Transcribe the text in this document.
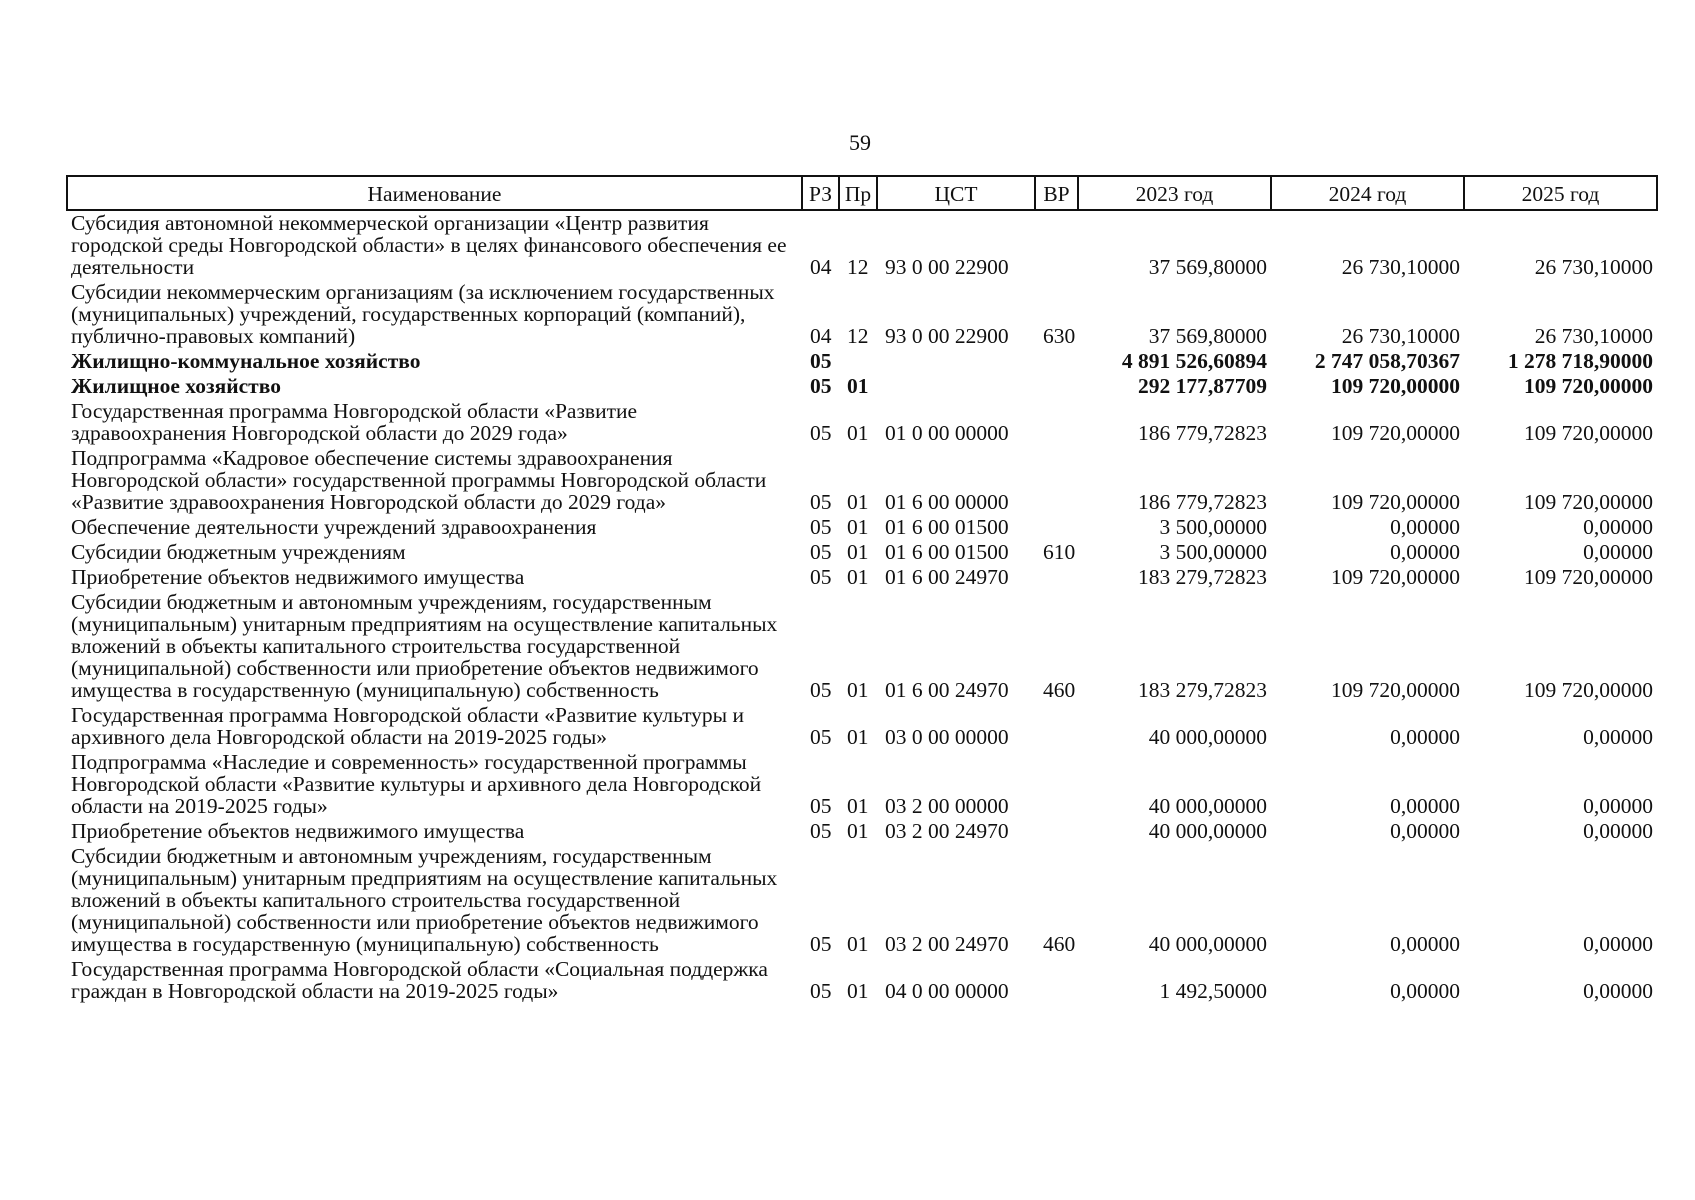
59
Наименование	РЗ	Пр	ЦСТ	ВР	2023 год	2024 год	2025 год
Субсидия автономной некоммерческой организации «Центр развития городской среды Новгородской области» в целях финансового обеспечения ее деятельности	04	12	93 0 00 22900		37 569,80000	26 730,10000	26 730,10000
Субсидии некоммерческим организациям (за исключением государственных (муниципальных) учреждений, государственных корпораций (компаний), публично-правовых компаний)	04	12	93 0 00 22900	630	37 569,80000	26 730,10000	26 730,10000
Жилищно-коммунальное хозяйство	05				4 891 526,60894	2 747 058,70367	1 278 718,90000
Жилищное хозяйство	05	01			292 177,87709	109 720,00000	109 720,00000
Государственная программа Новгородской области «Развитие здравоохранения Новгородской области до 2029 года»	05	01	01 0 00 00000		186 779,72823	109 720,00000	109 720,00000
Подпрограмма «Кадровое обеспечение системы здравоохранения Новгородской области» государственной программы Новгородской области «Развитие здравоохранения Новгородской области до 2029 года»	05	01	01 6 00 00000		186 779,72823	109 720,00000	109 720,00000
Обеспечение деятельности учреждений здравоохранения	05	01	01 6 00 01500		3 500,00000	0,00000	0,00000
Субсидии бюджетным учреждениям	05	01	01 6 00 01500	610	3 500,00000	0,00000	0,00000
Приобретение объектов недвижимого имущества	05	01	01 6 00 24970		183 279,72823	109 720,00000	109 720,00000
Субсидии бюджетным и автономным учреждениям, государственным (муниципальным) унитарным предприятиям на осуществление капитальных вложений в объекты капитального строительства государственной (муниципальной) собственности или приобретение объектов недвижимого имущества в государственную (муниципальную) собственность	05	01	01 6 00 24970	460	183 279,72823	109 720,00000	109 720,00000
Государственная программа Новгородской области «Развитие культуры и архивного дела Новгородской области на 2019-2025 годы»	05	01	03 0 00 00000		40 000,00000	0,00000	0,00000
Подпрограмма «Наследие и современность» государственной программы Новгородской области «Развитие культуры и архивного дела Новгородской области на 2019-2025 годы»	05	01	03 2 00 00000		40 000,00000	0,00000	0,00000
Приобретение объектов недвижимого имущества	05	01	03 2 00 24970		40 000,00000	0,00000	0,00000
Субсидии бюджетным и автономным учреждениям, государственным (муниципальным) унитарным предприятиям на осуществление капитальных вложений в объекты капитального строительства государственной (муниципальной) собственности или приобретение объектов недвижимого имущества в государственную (муниципальную) собственность	05	01	03 2 00 24970	460	40 000,00000	0,00000	0,00000
Государственная программа Новгородской области «Социальная поддержка граждан в Новгородской области на 2019-2025 годы»	05	01	04 0 00 00000		1 492,50000	0,00000	0,00000
